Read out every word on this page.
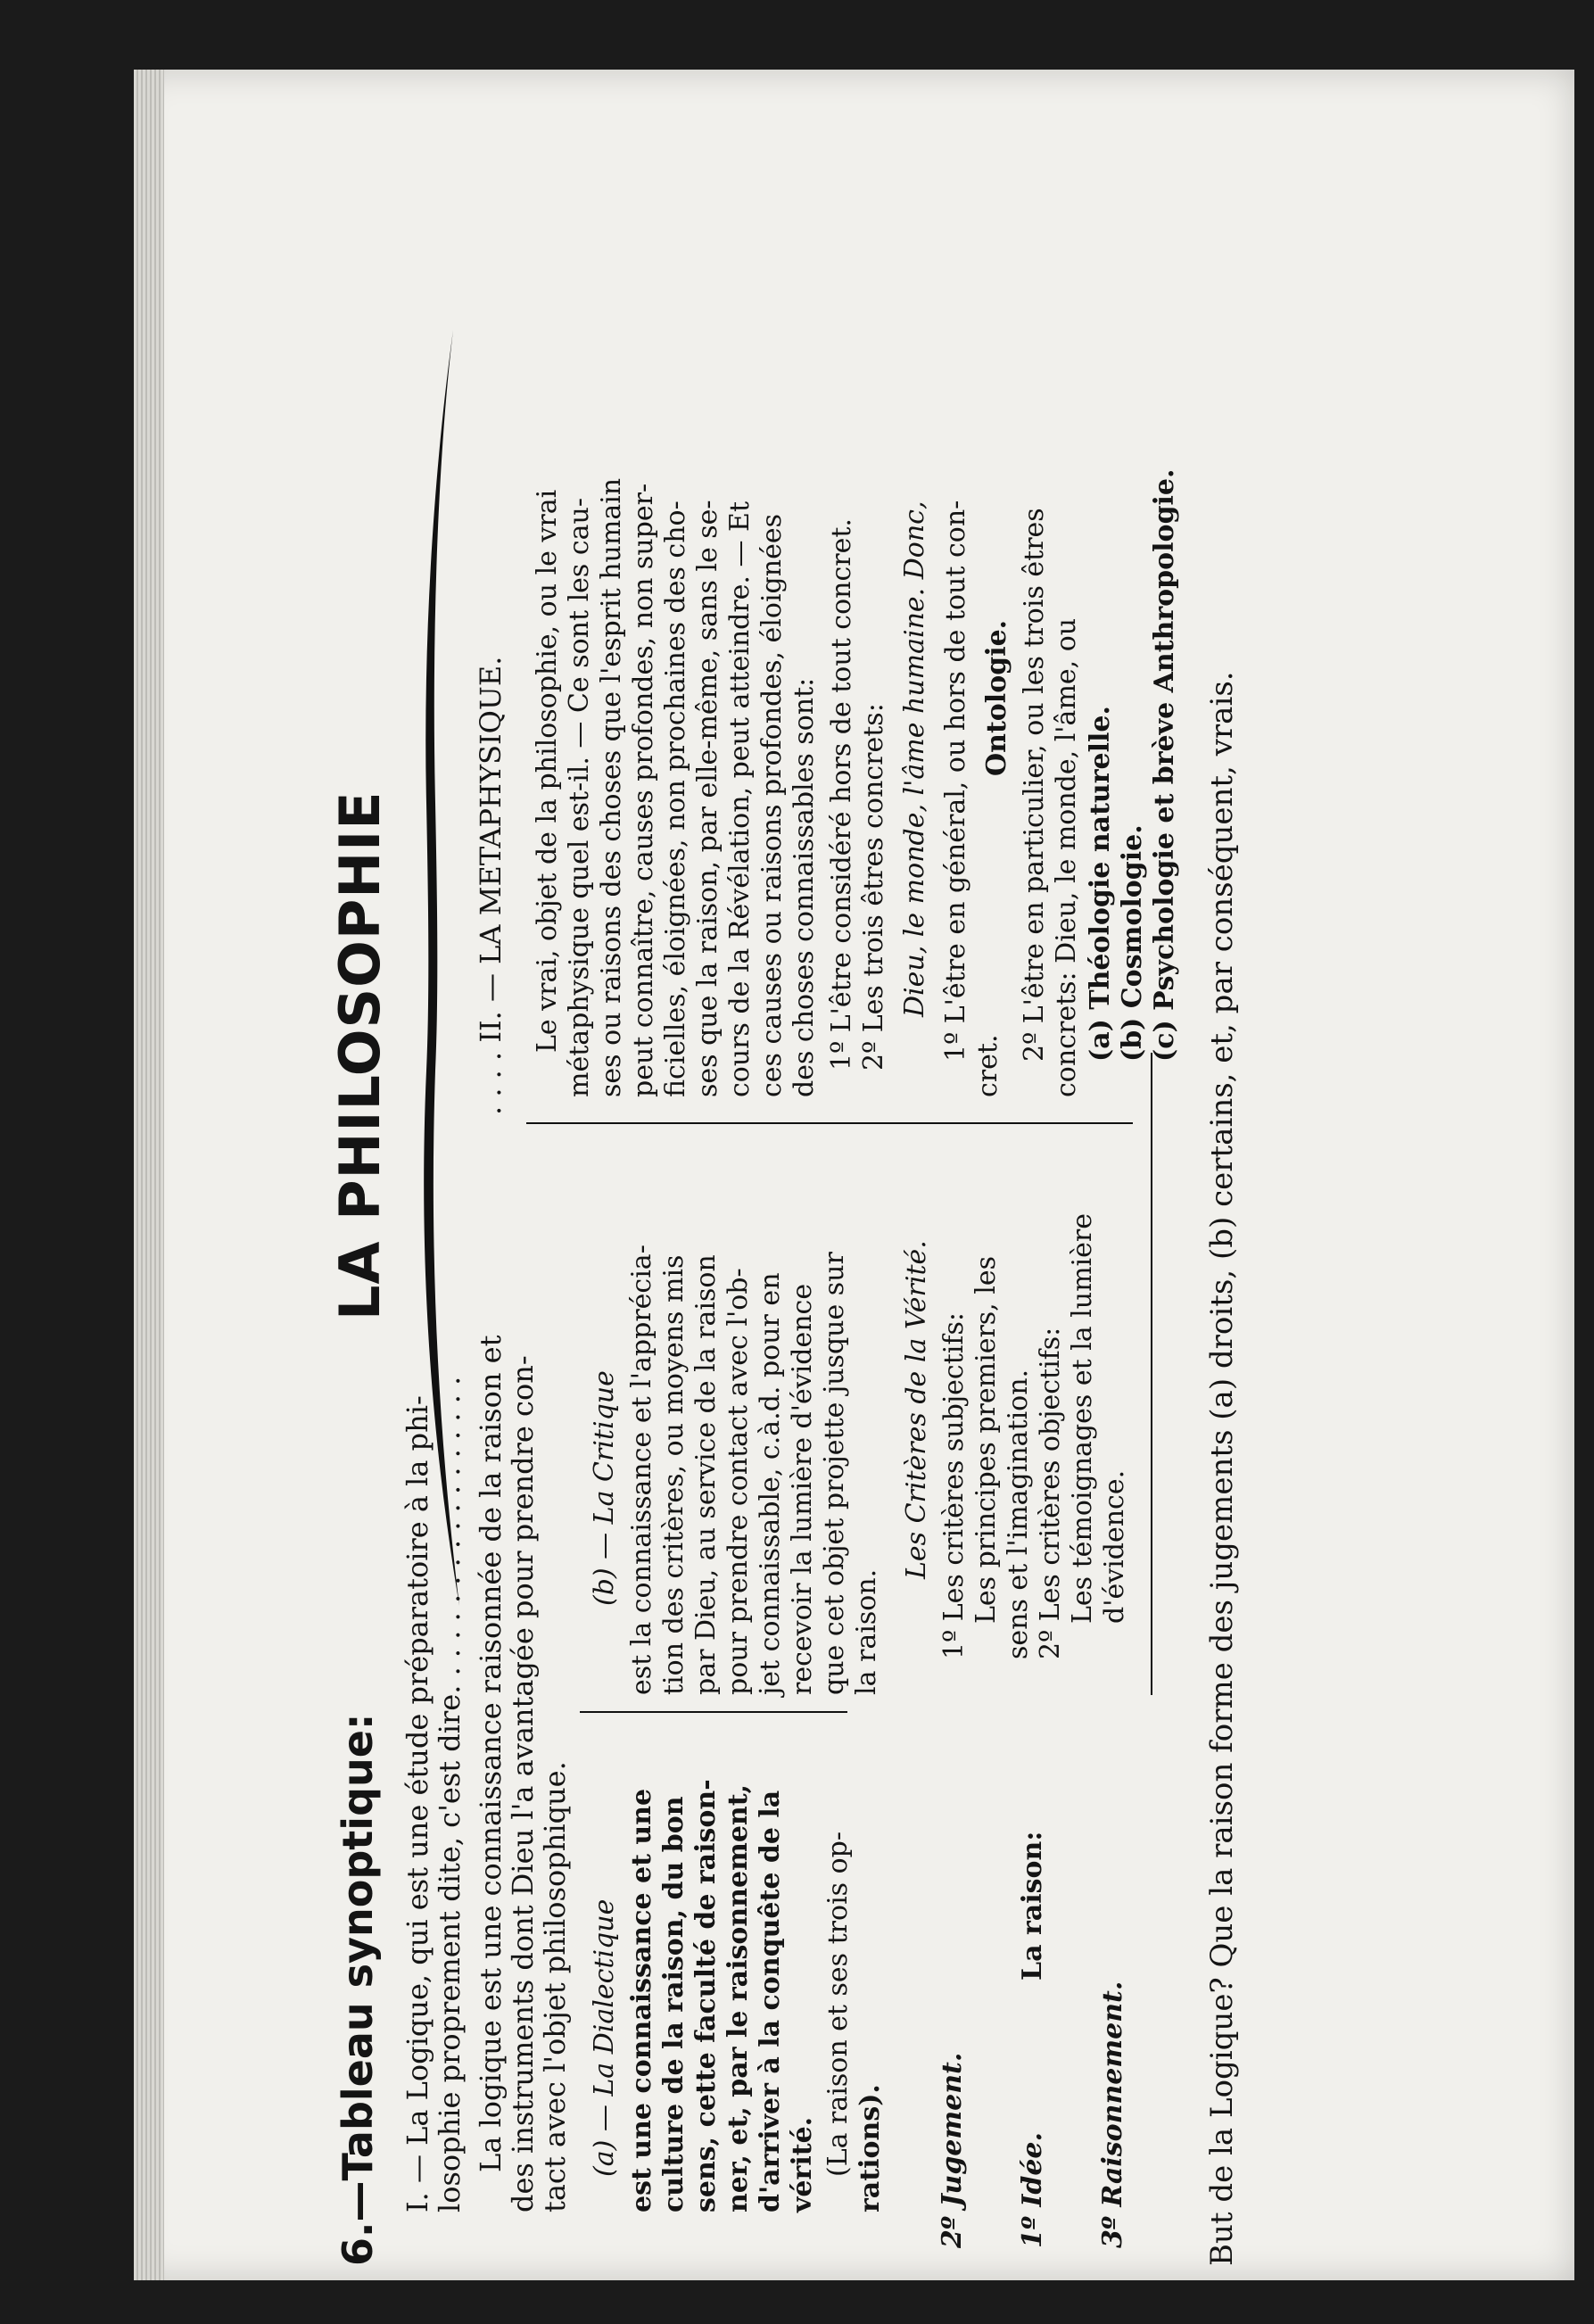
6.—Tableau synoptique:
LA PHILOSOPHIE
I. — La Logique, qui est une étude préparatoire à la phi-
losophie proprement dite, c'est dire. . . . . . . . . . . . . . . . . . La logique est une connaissance raisonnée de la raison et
des instruments dont Dieu l'a avantagée pour prendre con-
tact avec l'objet philosophique. (a) — La Dialectique est une connaissance et une culture de la raison, du bon sens, cette faculté de raison- ner, et, par le raisonnement, d'arriver à la conquête de la vérité. (La raison et ses trois op- rations).
(b) — La Critique est la connaissance et l'apprécia- tion des critères, ou moyens mis par Dieu, au service de la raison pour prendre contact avec l'ob- jet connaissable, c.à.d. pour en recevoir la lumière d'évidence que cet objet projette jusque sur la raison.
Les Critères de la Vérité. 1º Les critères subjectifs: Les principes premiers, les sens et l'imagination. 2º Les critères objectifs: Les témoignages et la lumière d'évidence.
2º Jugement. 1º Idée.
La raison:
3º Raisonnement.
. . . . II. — LA METAPHYSIQUE. Le vrai, objet de la philosophie, ou le vrai métaphysique quel est-il. — Ce sont les cau- ses ou raisons des choses que l'esprit humain peut connaître, causes profondes, non super- ficielles, éloignées, non prochaines des cho- ses que la raison, par elle-même, sans le se- cours de la Révélation, peut atteindre. — Et ces causes ou raisons profondes, éloignées des choses connaissables sont: 1º L'être considéré hors de tout concret. 2º Les trois êtres concrets: Dieu, le monde, l'âme humaine. Donc, 1º L'être en général, ou hors de tout con-
cret.
Ontologie. 2º L'être en particulier, ou les trois êtres concrets: Dieu, le monde, l'âme, ou (a) Théologie naturelle. (b) Cosmologie. (c) Psychologie et brève Anthropologie. But de la Logique? Que la raison forme des jugements (a) droits, (b) certains, et, par conséquent, vrais.
